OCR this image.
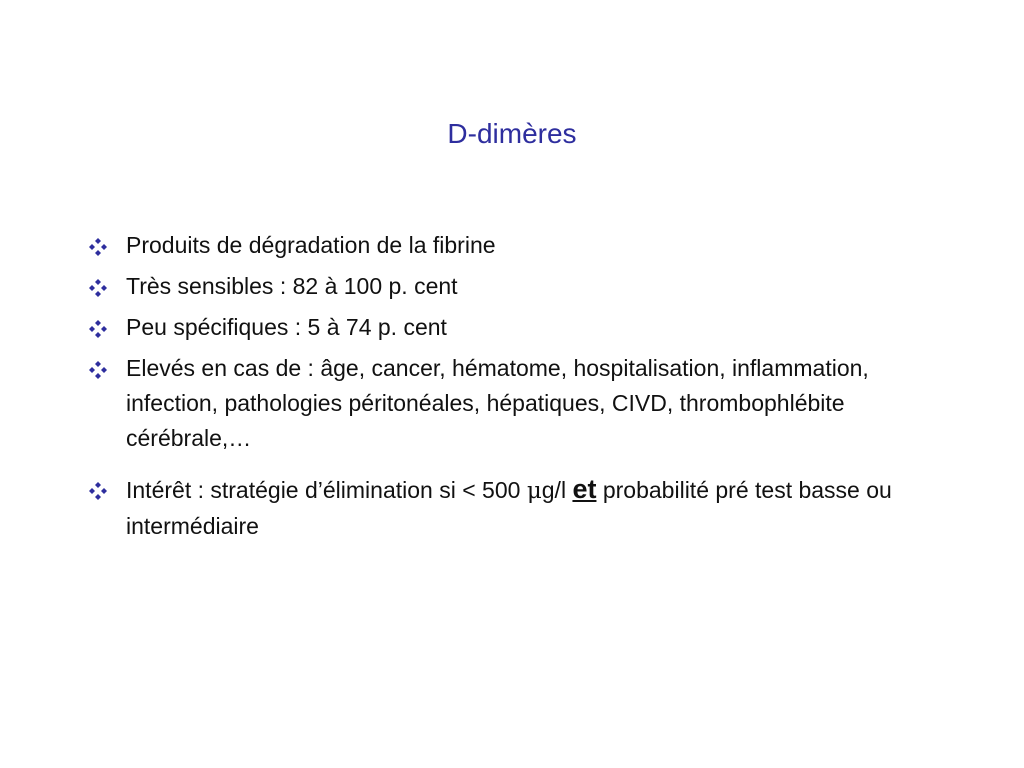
D-dimères
Produits de dégradation de la fibrine
Très sensibles : 82 à 100 p. cent
Peu spécifiques : 5 à 74 p. cent
Elevés en cas de : âge, cancer, hématome, hospitalisation, inflammation, infection, pathologies péritonéales, hépatiques, CIVD, thrombophlébite cérébrale,…
Intérêt : stratégie d’élimination si < 500 μg/l et probabilité pré test basse ou intermédiaire
